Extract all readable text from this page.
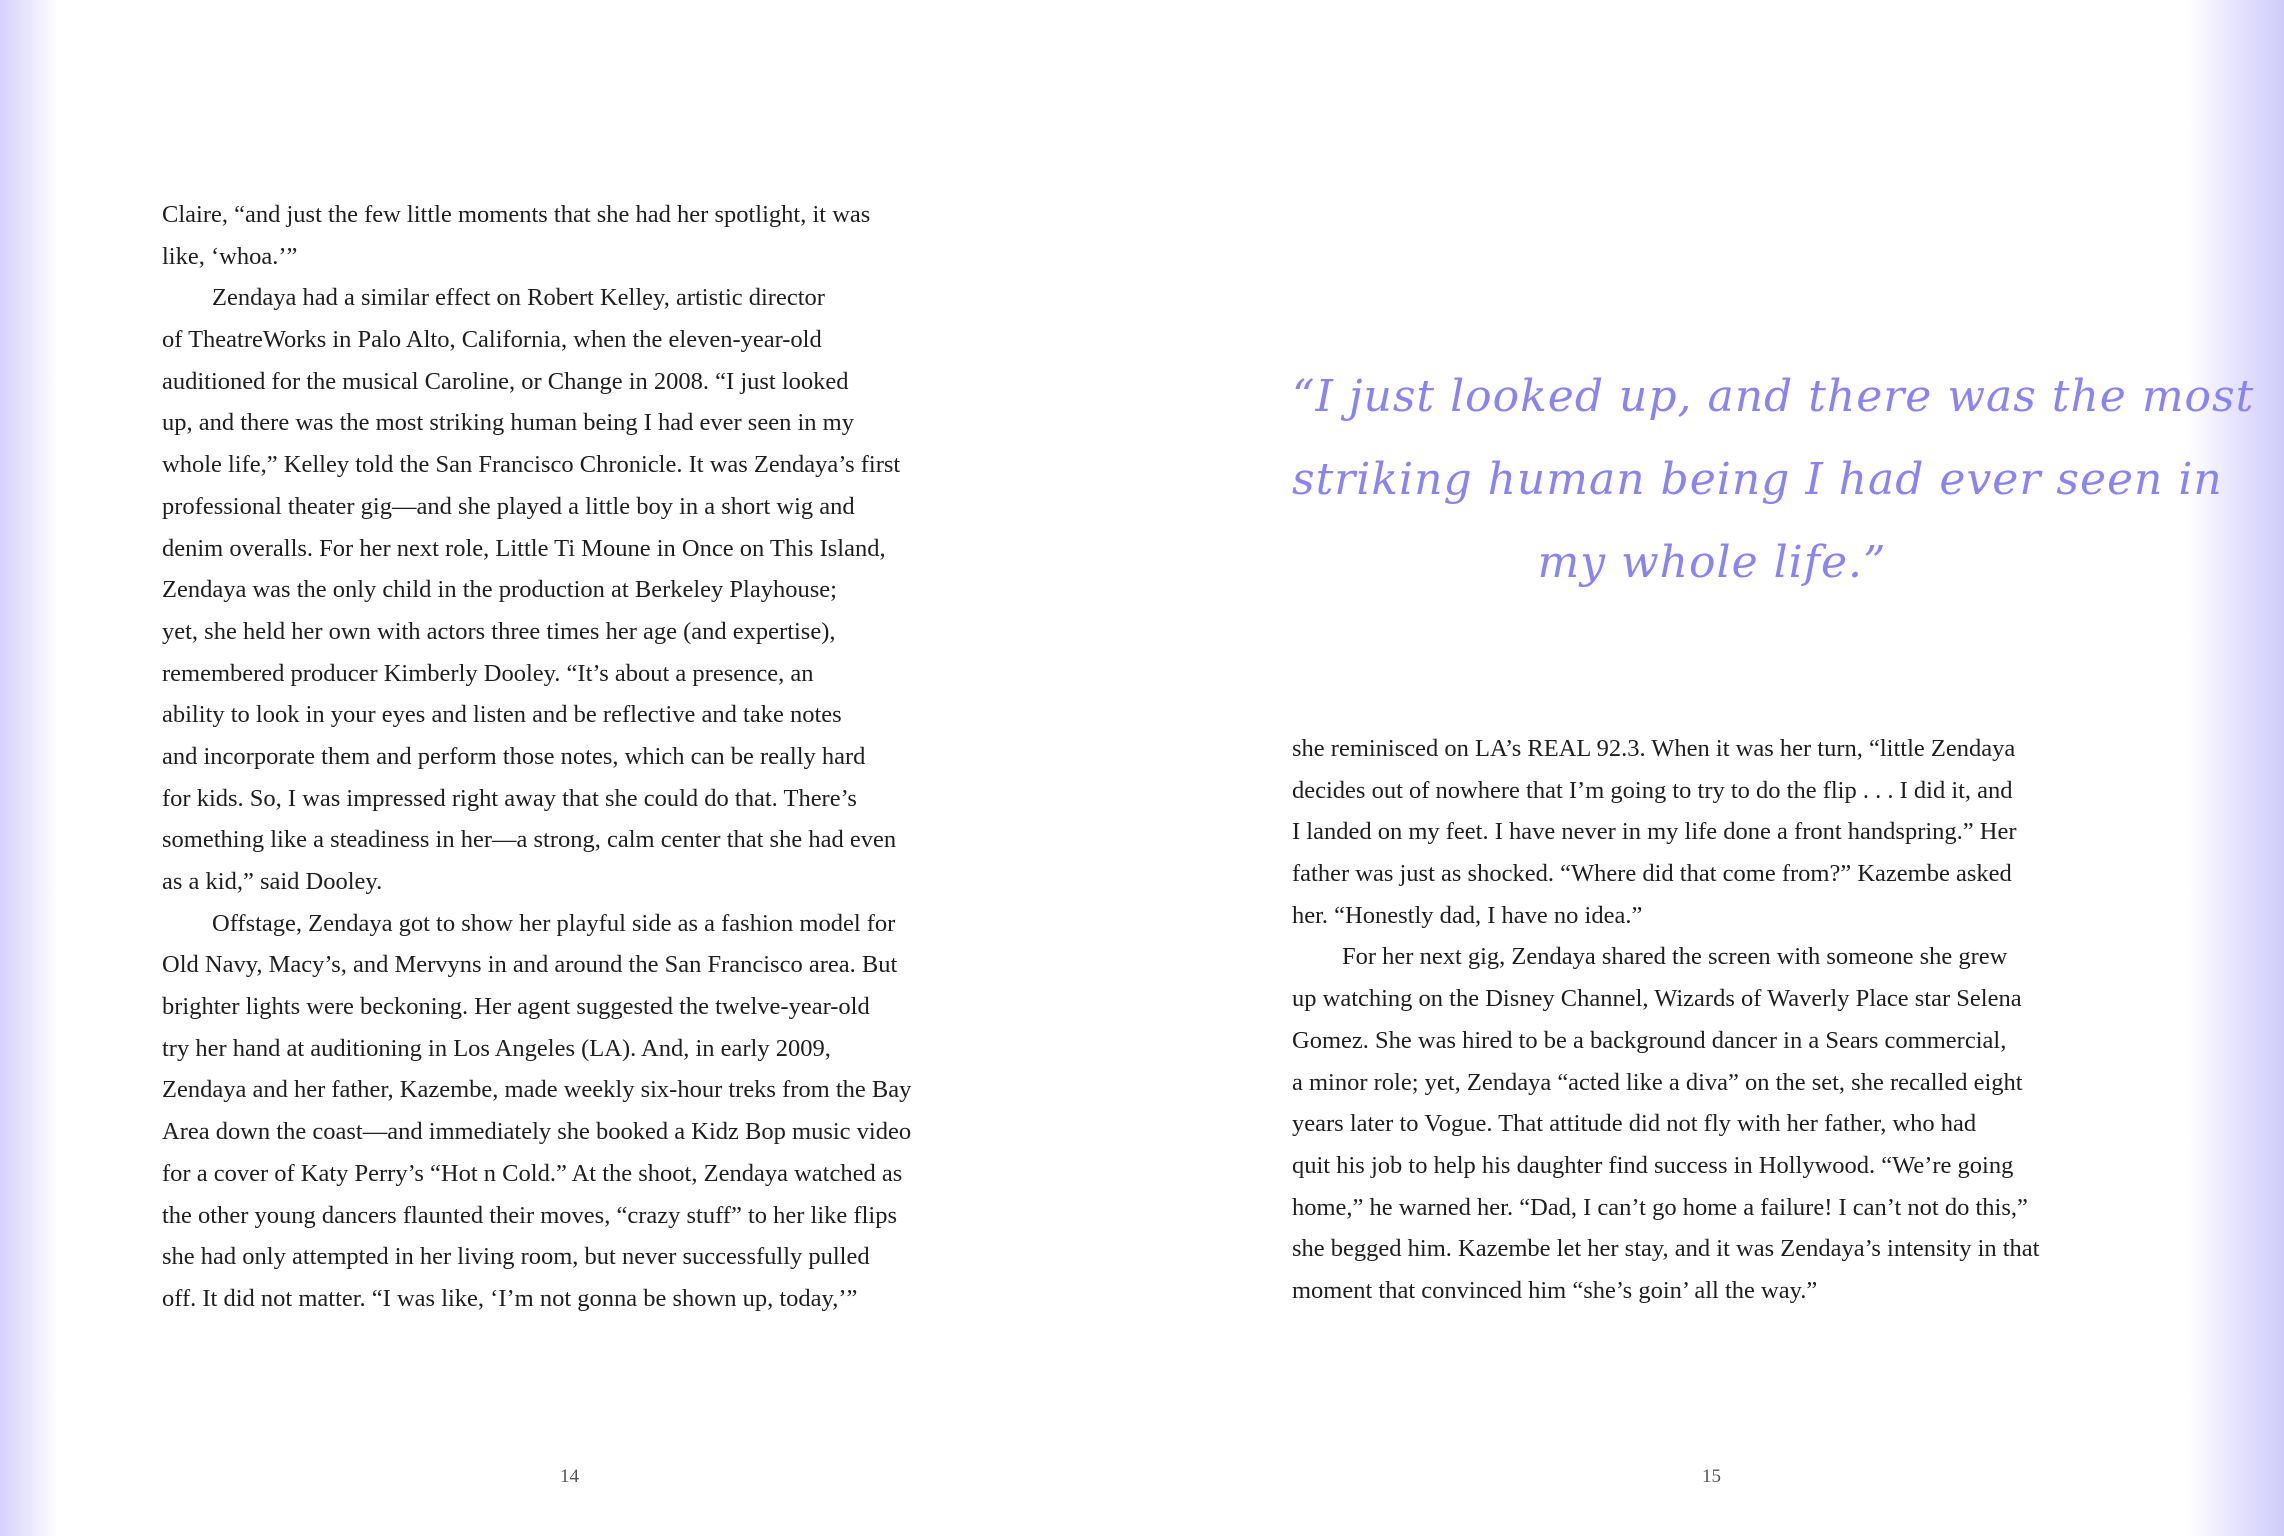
Claire, “and just the few little moments that she had her spotlight, it was
like, ‘whoa.’”
Zendaya had a similar effect on Robert Kelley, artistic director
of TheatreWorks in Palo Alto, California, when the eleven-year-old
auditioned for the musical Caroline, or Change in 2008. “I just looked
up, and there was the most striking human being I had ever seen in my
whole life,” Kelley told the San Francisco Chronicle. It was Zendaya’s first
professional theater gig—and she played a little boy in a short wig and
denim overalls. For her next role, Little Ti Moune in Once on This Island,
Zendaya was the only child in the production at Berkeley Playhouse;
yet, she held her own with actors three times her age (and expertise),
remembered producer Kimberly Dooley. “It’s about a presence, an
ability to look in your eyes and listen and be reflective and take notes
and incorporate them and perform those notes, which can be really hard
for kids. So, I was impressed right away that she could do that. There’s
something like a steadiness in her—a strong, calm center that she had even
as a kid,” said Dooley.
Offstage, Zendaya got to show her playful side as a fashion model for
Old Navy, Macy’s, and Mervyns in and around the San Francisco area. But
brighter lights were beckoning. Her agent suggested the twelve-year-old
try her hand at auditioning in Los Angeles (LA). And, in early 2009,
Zendaya and her father, Kazembe, made weekly six-hour treks from the Bay
Area down the coast—and immediately she booked a Kidz Bop music video
for a cover of Katy Perry’s “Hot n Cold.” At the shoot, Zendaya watched as
the other young dancers flaunted their moves, “crazy stuff” to her like flips
she had only attempted in her living room, but never successfully pulled
off. It did not matter. “I was like, ‘I’m not gonna be shown up, today,’”
14
“I just looked up, and there was the most
striking human being I had ever seen in
my whole life.”
she reminisced on LA’s REAL 92.3. When it was her turn, “little Zendaya
decides out of nowhere that I’m going to try to do the flip . . . I did it, and
I landed on my feet. I have never in my life done a front handspring.” Her
father was just as shocked. “Where did that come from?” Kazembe asked
her. “Honestly dad, I have no idea.”
For her next gig, Zendaya shared the screen with someone she grew
up watching on the Disney Channel, Wizards of Waverly Place star Selena
Gomez. She was hired to be a background dancer in a Sears commercial,
a minor role; yet, Zendaya “acted like a diva” on the set, she recalled eight
years later to Vogue. That attitude did not fly with her father, who had
quit his job to help his daughter find success in Hollywood. “We’re going
home,” he warned her. “Dad, I can’t go home a failure! I can’t not do this,”
she begged him. Kazembe let her stay, and it was Zendaya’s intensity in that
moment that convinced him “she’s goin’ all the way.”
15
